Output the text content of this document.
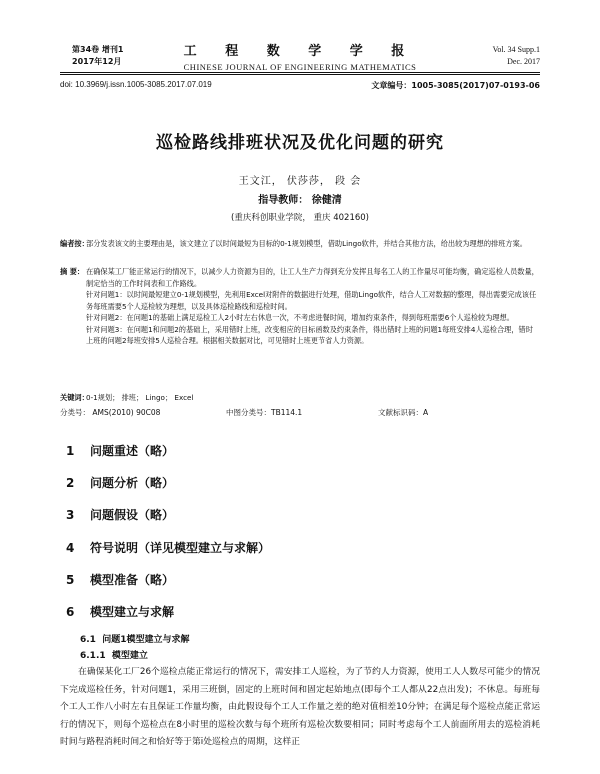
第34卷 增刊1
2017年12月
工 程 数 学 学 报
CHINESE JOURNAL OF ENGINEERING MATHEMATICS
Vol. 34 Supp.1
Dec. 2017
doi: 10.3969/j.issn.1005-3085.2017.07.019	文章编号：1005-3085(2017)07-0193-06
巡检路线排班状况及优化问题的研究
王文江， 伏莎莎， 段 会
指导教师： 徐健清
(重庆科创职业学院， 重庆 402160)
编者按：
部分发表该文的主要理由是，该文建立了以时间最短为目标的0-1规划模型，借助Lingo软件，并结合其他方法，给出较为理想的排班方案。
摘 要： 在确保某工厂能正常运行的情况下，以减少人力资源为目的，让工人生产力得到充分发挥且每名工人的工作量尽可能均衡，确定巡检人员数量，制定恰当的工作时间表和工作路线。
针对问题1：以时间最短建立0-1规划模型，先利用Excel对附件的数据进行处理，借助Lingo软件，结合人工对数据的整理，得出需要完成该任务每班需要5个人巡检较为理想，以及具体巡检路线和巡检时间。
针对问题2：在问题1的基础上满足巡检工人2小时左右休息一次，不考虑进餐时间，增加约束条件，得到每班需要6个人巡检较为理想。
针对问题3：在问题1和问题2的基础上，采用错时上班，改变相应的目标函数及约束条件，得出错时上班的问题1每班安排4人巡检合理，错时上班的问题2每班安排5人巡检合理。根据相关数据对比，可见错时上班更节省人力资源。
关键词：
0-1规划； 排班； Lingo； Excel
分类号： AMS(2010) 90C08	中图分类号：TB114.1	文献标识码：A
1 问题重述（略）
2 问题分析（略）
3 问题假设（略）
4 符号说明（详见模型建立与求解）
5 模型准备（略）
6 模型建立与求解
6.1 问题1模型建立与求解
6.1.1 模型建立
在确保某化工厂26个巡检点能正常运行的情况下，需安排工人巡检，为了节约人力资源，使用工人人数尽可能少的情况下完成巡检任务，针对问题1，采用三班倒，固定的上班时间和固定起始地点(即每个工人都从22点出发)；不休息。每班每个工人工作八小时左右且保证工作量均衡，由此假设每个工人工作量之差的绝对值相差10分钟；在满足每个巡检点能正常运行的情况下，则每个巡检点在8小时里的巡检次数与每个班所有巡检次数要相同；同时考虑每个工人前面所用去的巡检消耗时间与路程消耗时间之和恰好等于第i处巡检点的周期，这样正
